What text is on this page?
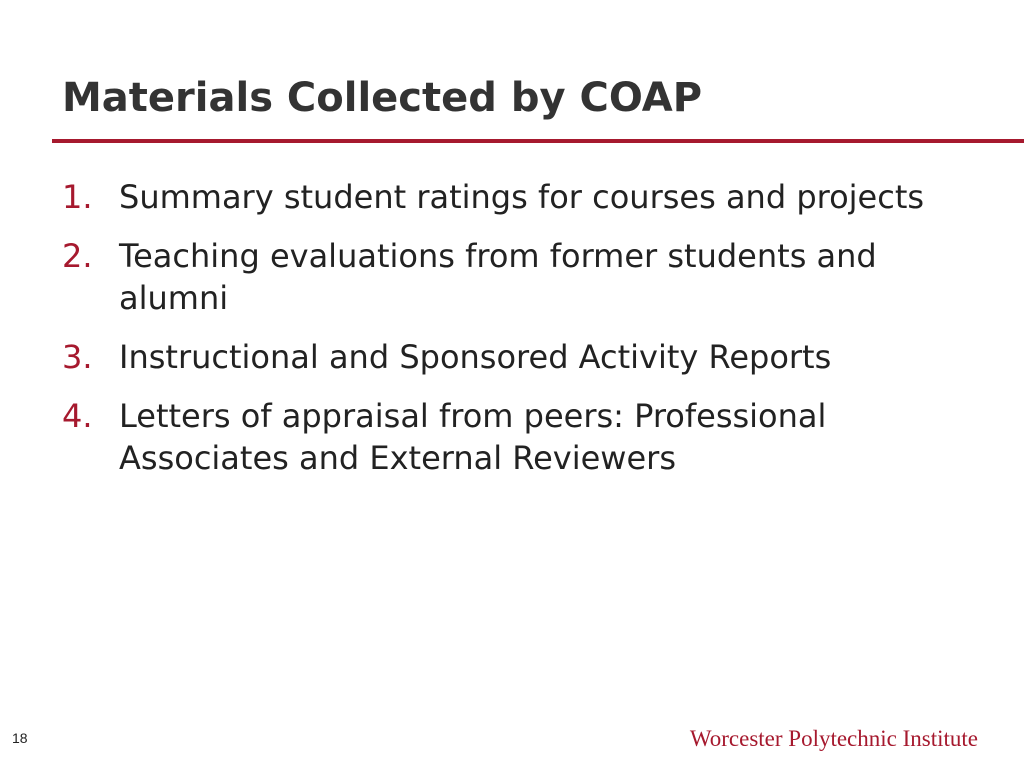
Materials Collected by COAP
1. Summary student ratings for courses and projects
2. Teaching evaluations from former students and alumni
3. Instructional and Sponsored Activity Reports
4. Letters of appraisal from peers: Professional Associates and External Reviewers
18	Worcester Polytechnic Institute
